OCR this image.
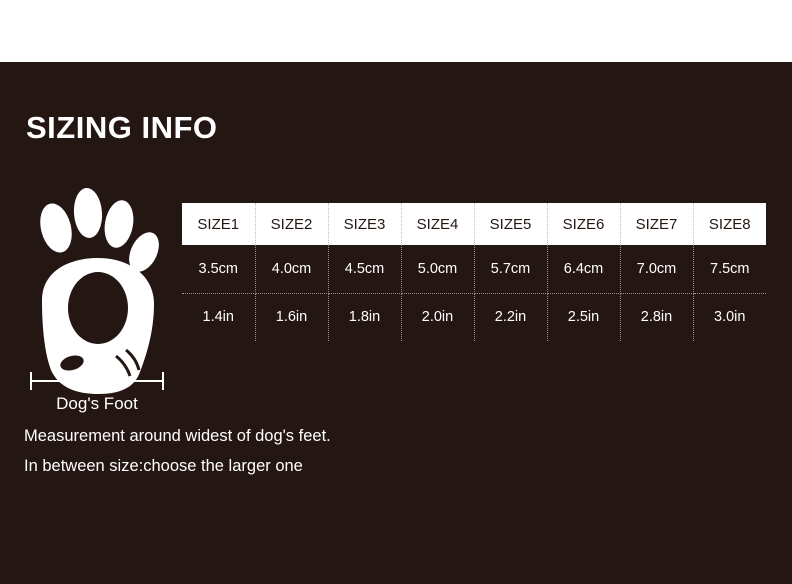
SIZING INFO
Dog's Foot
SIZE1	SIZE2	SIZE3	SIZE4	SIZE5	SIZE6	SIZE7	SIZE8
3.5cm	4.0cm	4.5cm	5.0cm	5.7cm	6.4cm	7.0cm	7.5cm
1.4in	1.6in	1.8in	2.0in	2.2in	2.5in	2.8in	3.0in

Measurement around widest of dog's feet.

In between size:choose the larger one
